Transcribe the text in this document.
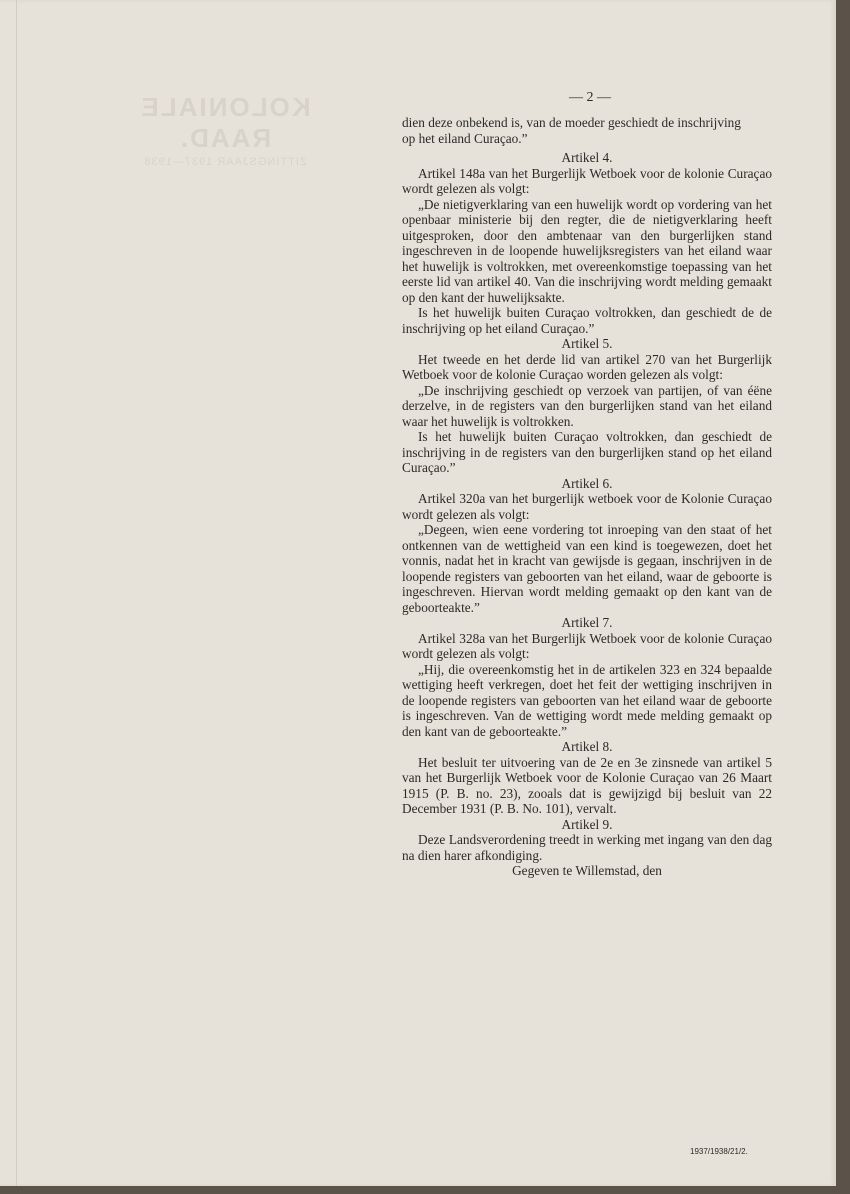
KOLONIALE RAAD.
ZITTINGSJAAR 1937—1938
— 2 —
dien deze onbekend is, van de moeder geschiedt de inschrijving
op het eiland Curaçao.”

Artikel 4.

Artikel 148a van het Burgerlijk Wetboek voor de kolonie Curaçao wordt gelezen als volgt:

„De nietigverklaring van een huwelijk wordt op vordering van het openbaar ministerie bij den regter, die de nietigverklaring heeft uitgesproken, door den ambtenaar van den burgerlijken stand ingeschreven in de loopende huwelijksregisters van het eiland waar het huwelijk is voltrokken, met overeenkomstige toepassing van het eerste lid van artikel 40. Van die inschrijving wordt melding gemaakt op den kant der huwelijksakte.

Is het huwelijk buiten Curaçao voltrokken, dan geschiedt de de inschrijving op het eiland Curaçao.”

Artikel 5.

Het tweede en het derde lid van artikel 270 van het Burgerlijk Wetboek voor de kolonie Curaçao worden gelezen als volgt:

„De inschrijving geschiedt op verzoek van partijen, of van éëne derzelve, in de registers van den burgerlijken stand van het eiland waar het huwelijk is voltrokken.

Is het huwelijk buiten Curaçao voltrokken, dan geschiedt de inschrijving in de registers van den burgerlijken stand op het eiland Curaçao.”

Artikel 6.

Artikel 320a van het burgerlijk wetboek voor de Kolonie Curaçao wordt gelezen als volgt:

„Degeen, wien eene vordering tot inroeping van den staat of het ontkennen van de wettigheid van een kind is toegewezen, doet het vonnis, nadat het in kracht van gewijsde is gegaan, inschrijven in de loopende registers van geboorten van het eiland, waar de geboorte is ingeschreven. Hiervan wordt melding gemaakt op den kant van de geboorteakte.”

Artikel 7.

Artikel 328a van het Burgerlijk Wetboek voor de kolonie Curaçao wordt gelezen als volgt:

„Hij, die overeenkomstig het in de artikelen 323 en 324 bepaalde wettiging heeft verkregen, doet het feit der wettiging inschrijven in de loopende registers van geboorten van het eiland waar de geboorte is ingeschreven. Van de wettiging wordt mede melding gemaakt op den kant van de geboorteakte.”

Artikel 8.

Het besluit ter uitvoering van de 2e en 3e zinsnede van artikel 5 van het Burgerlijk Wetboek voor de Kolonie Curaçao van 26 Maart 1915 (P. B. no. 23), zooals dat is gewijzigd bij besluit van 22 December 1931 (P. B. No. 101), vervalt.

Artikel 9.

Deze Landsverordening treedt in werking met ingang van den dag na dien harer afkondiging.

Gegeven te Willemstad, den

1937/1938/21/2.
